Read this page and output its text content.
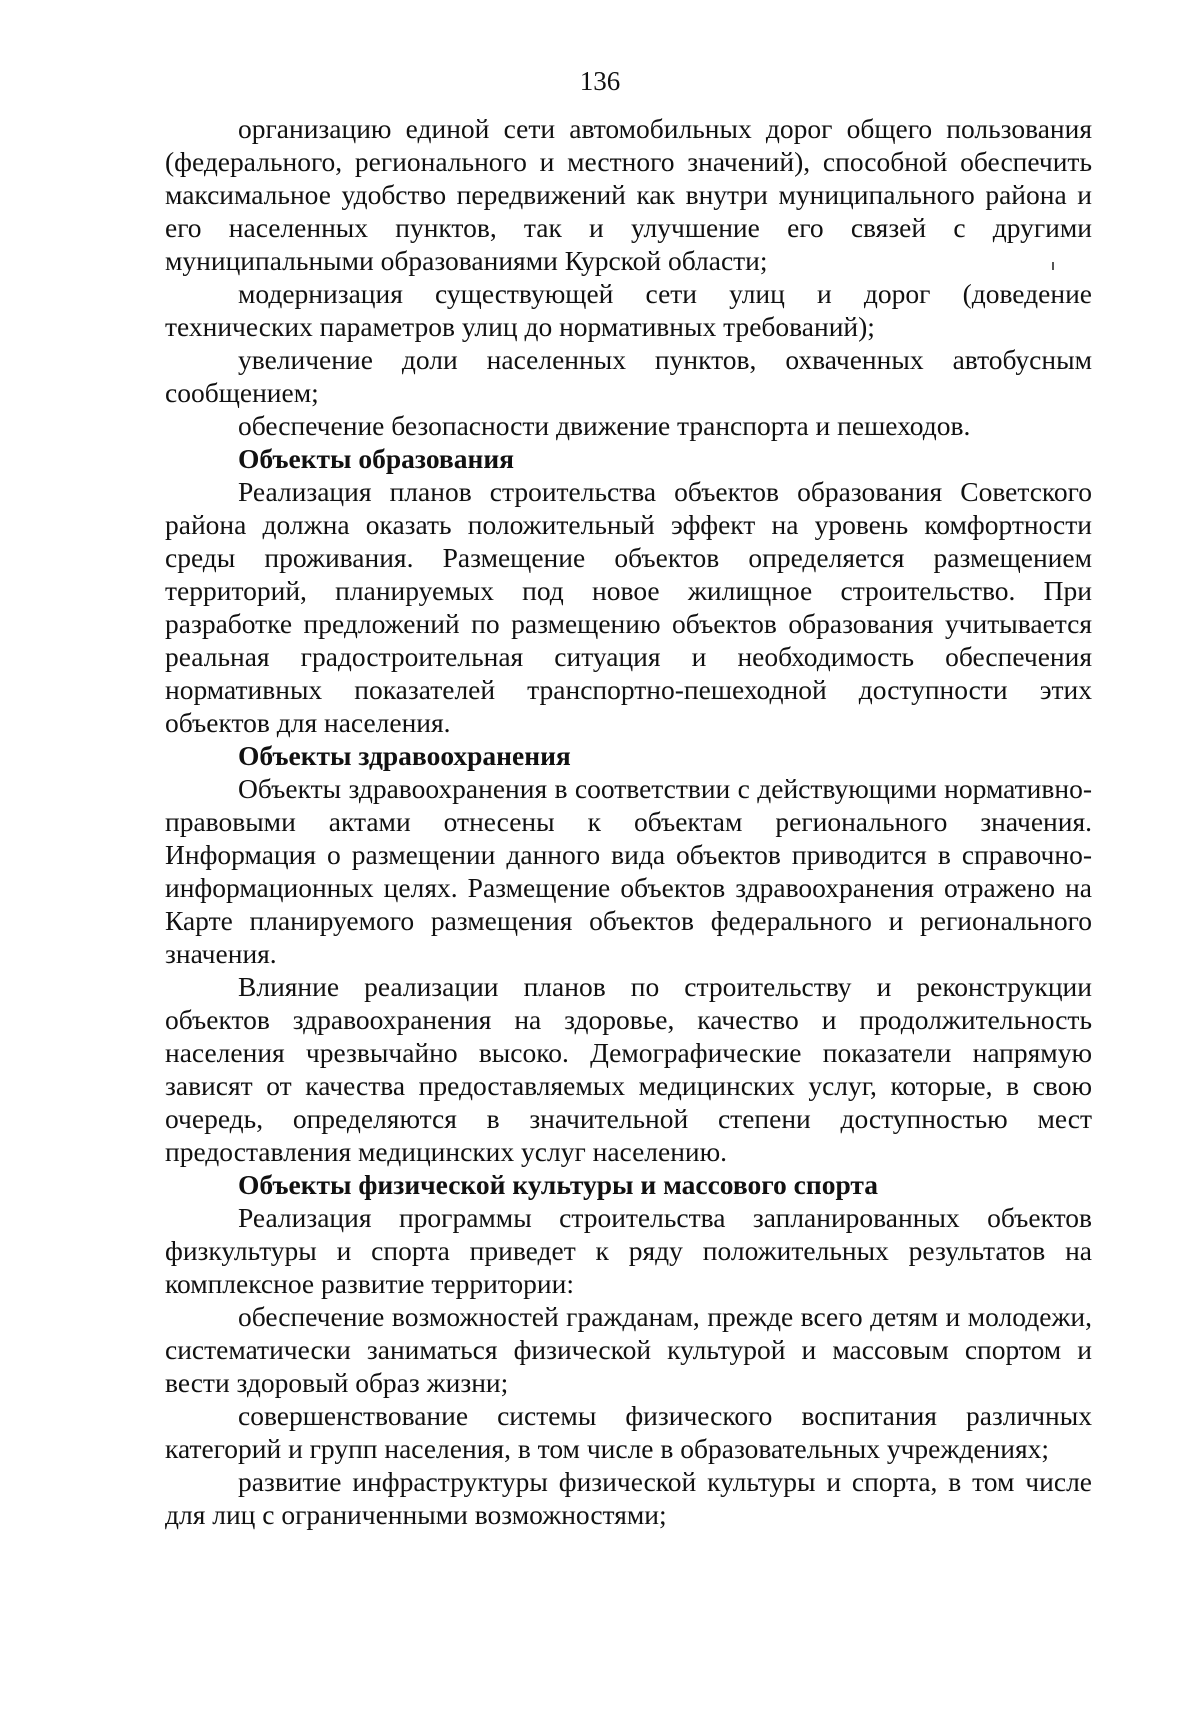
136

организацию единой сети автомобильных дорог общего пользования (федерального, регионального и местного значений), способной обеспечить максимальное удобство передвижений как внутри муниципального района и его населенных пунктов, так и улучшение его связей с другими муниципальными образованиями Курской области;

модернизация существующей сети улиц и дорог (доведение технических параметров улиц до нормативных требований);

увеличение доли населенных пунктов, охваченных автобусным сообщением;

обеспечение безопасности движение транспорта и пешеходов.

Объекты образования

Реализация планов строительства объектов образования Советского района должна оказать положительный эффект на уровень комфортности среды проживания. Размещение объектов определяется размещением территорий, планируемых под новое жилищное строительство. При разработке предложений по размещению объектов образования учитывается реальная градостроительная ситуация и необходимость обеспечения нормативных показателей транспортно-пешеходной доступности этих объектов для населения.

Объекты здравоохранения

Объекты здравоохранения в соответствии с действующими нормативно-правовыми актами отнесены к объектам регионального значения. Информация о размещении данного вида объектов приводится в справочно-информационных целях. Размещение объектов здравоохранения отражено на Карте планируемого размещения объектов федерального и регионального значения.

Влияние реализации планов по строительству и реконструкции объектов здравоохранения на здоровье, качество и продолжительность населения чрезвычайно высоко. Демографические показатели напрямую зависят от качества предоставляемых медицинских услуг, которые, в свою очередь, определяются в значительной степени доступностью мест предоставления медицинских услуг населению.

Объекты физической культуры и массового спорта

Реализация программы строительства запланированных объектов физкультуры и спорта приведет к ряду положительных результатов на комплексное развитие территории:

обеспечение возможностей гражданам, прежде всего детям и молодежи, систематически заниматься физической культурой и массовым спортом и вести здоровый образ жизни;

совершенствование системы физического воспитания различных категорий и групп населения, в том числе в образовательных учреждениях;

развитие инфраструктуры физической культуры и спорта, в том числе для лиц с ограниченными возможностями;
